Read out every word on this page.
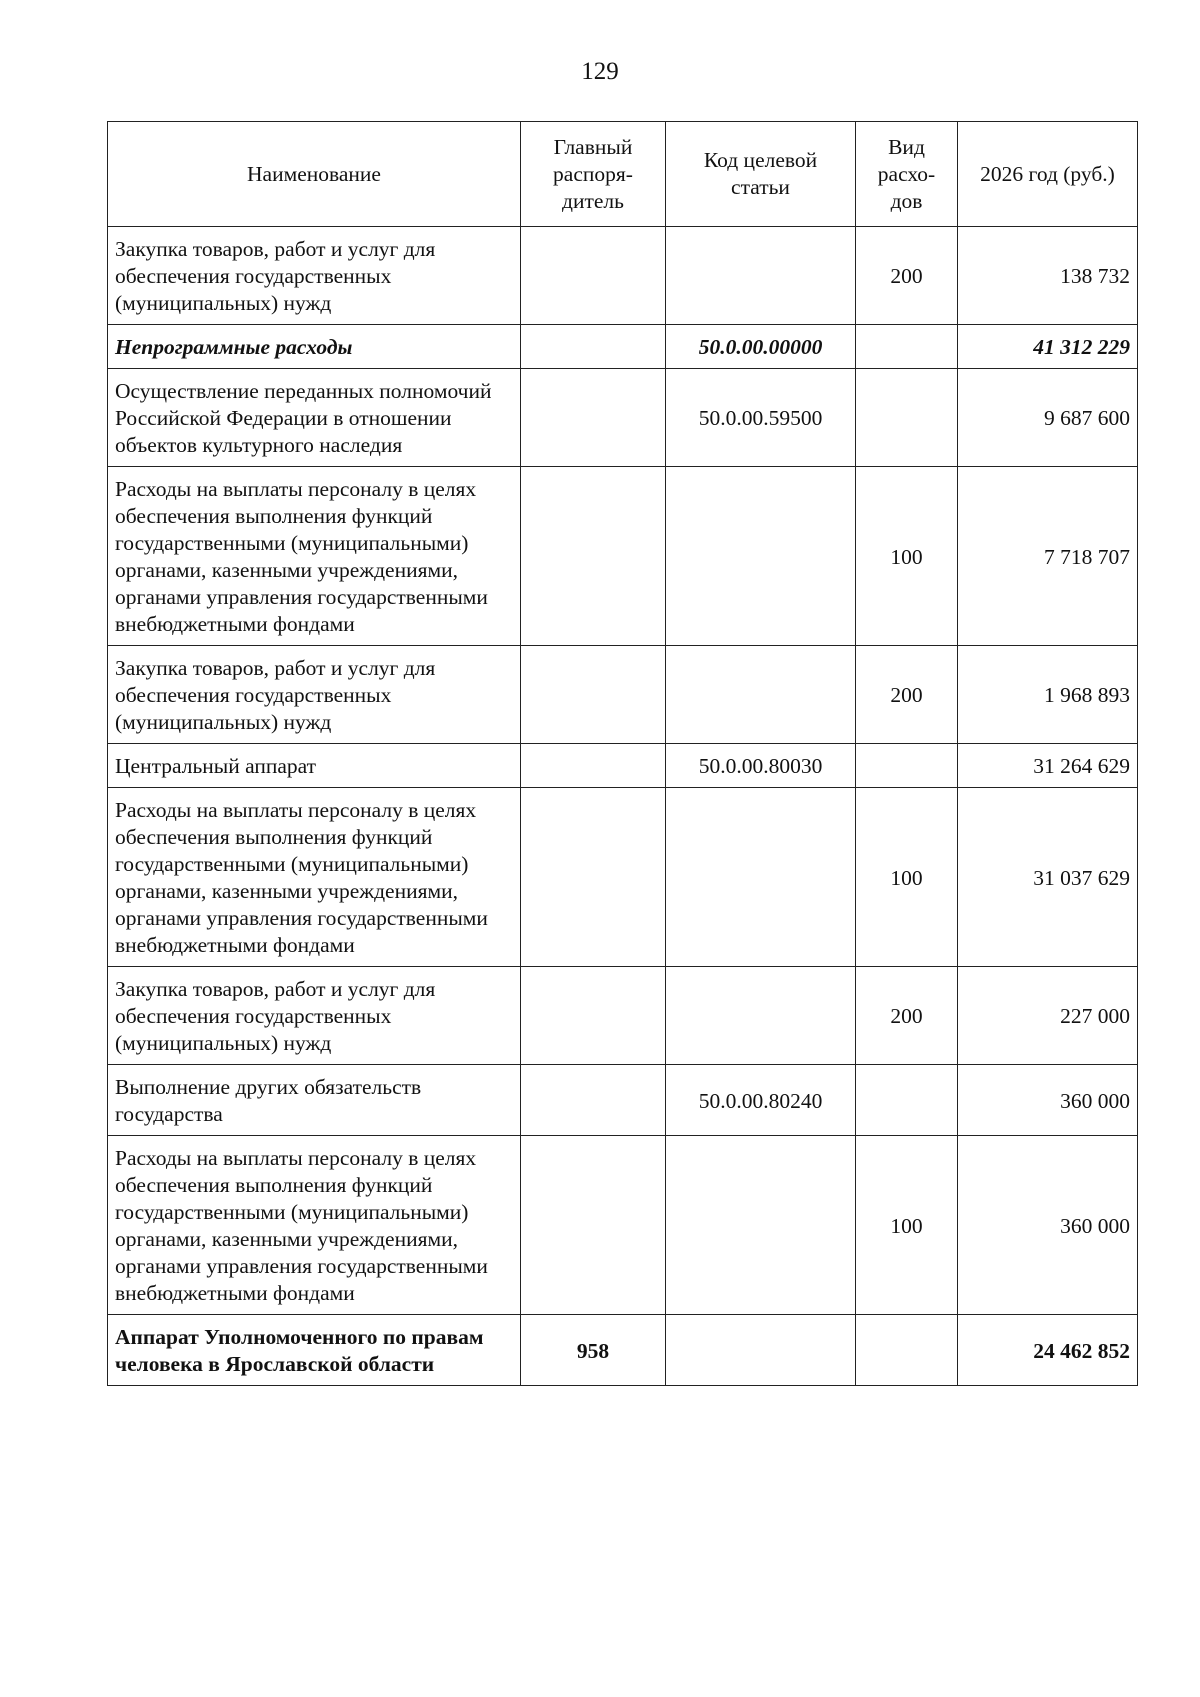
129
Наименование	Главный распоря-дитель	Код целевой статьи	Вид расхо-дов	2026 год (руб.)
Закупка товаров, работ и услуг для обеспечения государственных (муниципальных) нужд			200	138 732
Непрограммные расходы		50.0.00.00000		41 312 229
Осуществление переданных полномочий Российской Федерации в отношении объектов культурного наследия		50.0.00.59500		9 687 600
Расходы на выплаты персоналу в целях обеспечения выполнения функций государственными (муниципальными) органами, казенными учреждениями, органами управления государственными внебюджетными фондами			100	7 718 707
Закупка товаров, работ и услуг для обеспечения государственных (муниципальных) нужд			200	1 968 893
Центральный аппарат		50.0.00.80030		31 264 629
Расходы на выплаты персоналу в целях обеспечения выполнения функций государственными (муниципальными) органами, казенными учреждениями, органами управления государственными внебюджетными фондами			100	31 037 629
Закупка товаров, работ и услуг для обеспечения государственных (муниципальных) нужд			200	227 000
Выполнение других обязательств государства		50.0.00.80240		360 000
Расходы на выплаты персоналу в целях обеспечения выполнения функций государственными (муниципальными) органами, казенными учреждениями, органами управления государственными внебюджетными фондами			100	360 000
Аппарат Уполномоченного по правам человека в Ярославской области	958			24 462 852
